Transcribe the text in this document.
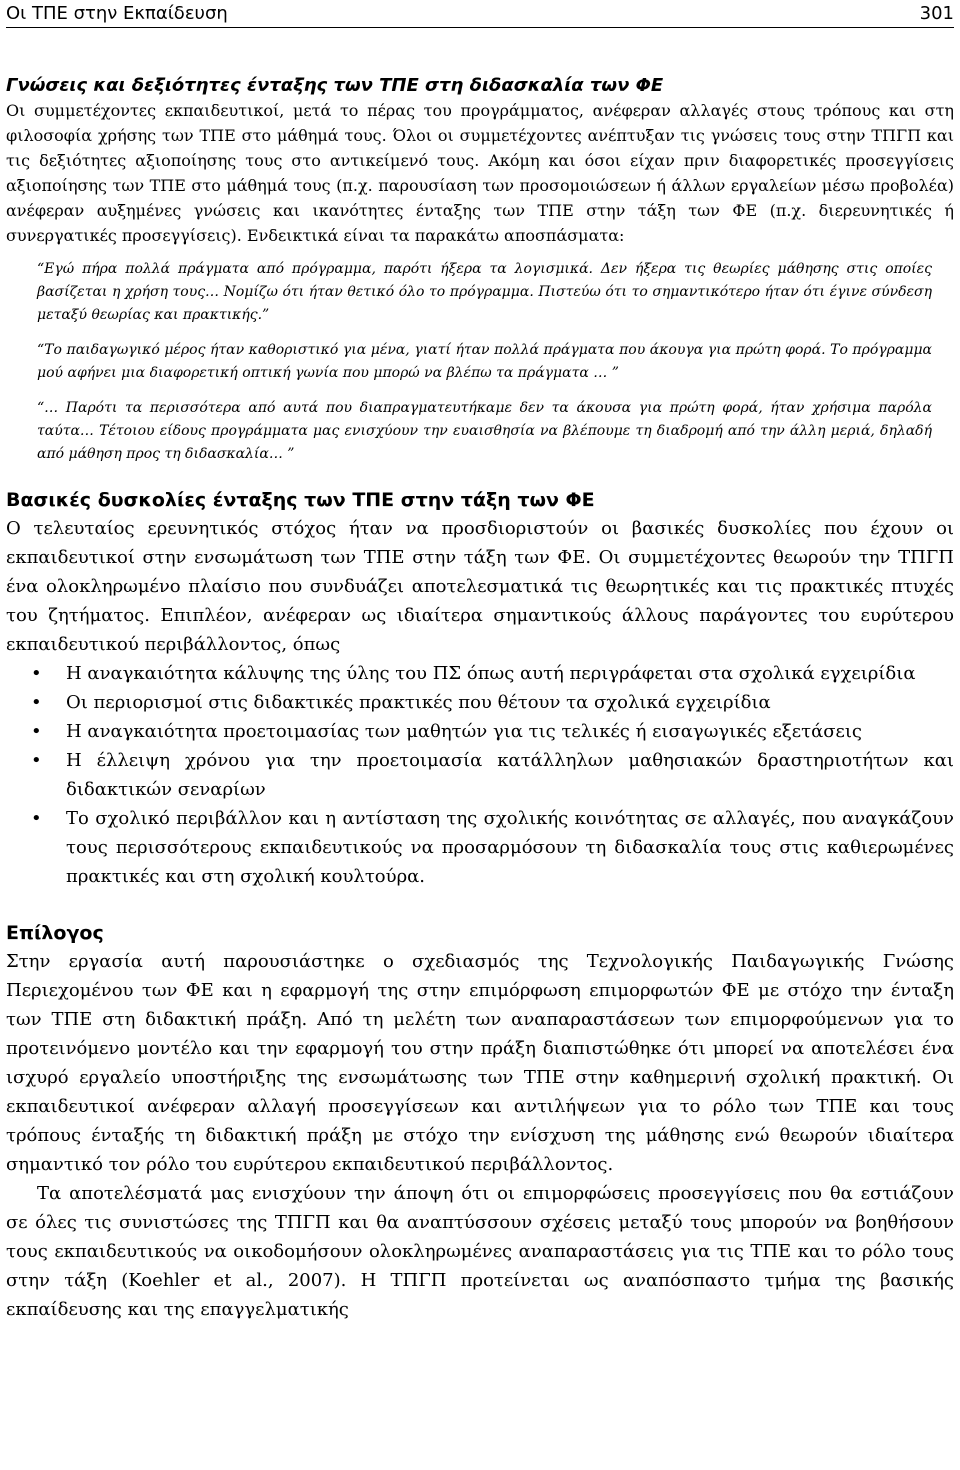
Οι ΤΠΕ στην Εκπαίδευση	301
Γνώσεις και δεξιότητες ένταξης των ΤΠΕ στη διδασκαλία των ΦΕ

Οι συμμετέχοντες εκπαιδευτικοί, μετά το πέρας του προγράμματος, ανέφεραν αλλαγές στους τρόπους και στη φιλοσοφία χρήσης των ΤΠΕ στο μάθημά τους. Όλοι οι συμμετέχοντες ανέπτυξαν τις γνώσεις τους στην ΤΠΓΠ και τις δεξιότητες αξιοποίησης τους στο αντικείμενό τους. Ακόμη και όσοι είχαν πριν διαφορετικές προσεγγίσεις αξιοποίησης των ΤΠΕ στο μάθημά τους (π.χ. παρουσίαση των προσομοιώσεων ή άλλων εργαλείων μέσω προβολέα) ανέφεραν αυξημένες γνώσεις και ικανότητες ένταξης των ΤΠΕ στην τάξη των ΦΕ (π.χ. διερευνητικές ή συνεργατικές προσεγγίσεις). Ενδεικτικά είναι τα παρακάτω αποσπάσματα:

“Εγώ πήρα πολλά πράγματα από πρόγραμμα, παρότι ήξερα τα λογισμικά. Δεν ήξερα τις θεωρίες μάθησης στις οποίες βασίζεται η χρήση τους… Νομίζω ότι ήταν θετικό όλο το πρόγραμμα. Πιστεύω ότι το σημαντικότερο ήταν ότι έγινε σύνδεση μεταξύ θεωρίας και πρακτικής.”

“Το παιδαγωγικό μέρος ήταν καθοριστικό για μένα, γιατί ήταν πολλά πράγματα που άκουγα για πρώτη φορά. Το πρόγραμμα μού αφήνει μια διαφορετική οπτική γωνία που μπορώ να βλέπω τα πράγματα … ”

“… Παρότι τα περισσότερα από αυτά που διαπραγματευτήκαμε δεν τα άκουσα για πρώτη φορά, ήταν χρήσιμα παρόλα ταύτα… Τέτοιου είδους προγράμματα μας ενισχύουν την ευαισθησία να βλέπουμε τη διαδρομή από την άλλη μεριά, δηλαδή από μάθηση προς τη διδασκαλία… ”

Βασικές δυσκολίες ένταξης των ΤΠΕ στην τάξη των ΦΕ

Ο τελευταίος ερευνητικός στόχος ήταν να προσδιοριστούν οι βασικές δυσκολίες που έχουν οι εκπαιδευτικοί στην ενσωμάτωση των ΤΠΕ στην τάξη των ΦΕ. Οι συμμετέχοντες θεωρούν την ΤΠΓΠ ένα ολοκληρωμένο πλαίσιο που συνδυάζει αποτελεσματικά τις θεωρητικές και τις πρακτικές πτυχές του ζητήματος. Επιπλέον, ανέφεραν ως ιδιαίτερα σημαντικούς άλλους παράγοντες του ευρύτερου εκπαιδευτικού περιβάλλοντος, όπως

• Η αναγκαιότητα κάλυψης της ύλης του ΠΣ όπως αυτή περιγράφεται στα σχολικά εγχειρίδια
• Οι περιορισμοί στις διδακτικές πρακτικές που θέτουν τα σχολικά εγχειρίδια
• Η αναγκαιότητα προετοιμασίας των μαθητών για τις τελικές ή εισαγωγικές εξετάσεις
• Η έλλειψη χρόνου για την προετοιμασία κατάλληλων μαθησιακών δραστηριοτήτων και διδακτικών σεναρίων
• Το σχολικό περιβάλλον και η αντίσταση της σχολικής κοινότητας σε αλλαγές, που αναγκάζουν τους περισσότερους εκπαιδευτικούς να προσαρμόσουν τη διδασκαλία τους στις καθιερωμένες πρακτικές και στη σχολική κουλτούρα.
Επίλογος

Στην εργασία αυτή παρουσιάστηκε ο σχεδιασμός της Τεχνολογικής Παιδαγωγικής Γνώσης Περιεχομένου των ΦΕ και η εφαρμογή της στην επιμόρφωση επιμορφωτών ΦΕ με στόχο την ένταξη των ΤΠΕ στη διδακτική πράξη. Από τη μελέτη των αναπαραστάσεων των επιμορφούμενων για το προτεινόμενο μοντέλο και την εφαρμογή του στην πράξη διαπιστώθηκε ότι μπορεί να αποτελέσει ένα ισχυρό εργαλείο υποστήριξης της ενσωμάτωσης των ΤΠΕ στην καθημερινή σχολική πρακτική. Οι εκπαιδευτικοί ανέφεραν αλλαγή προσεγγίσεων και αντιλήψεων για το ρόλο των ΤΠΕ και τους τρόπους ένταξής τη διδακτική πράξη με στόχο την ενίσχυση της μάθησης ενώ θεωρούν ιδιαίτερα σημαντικό τον ρόλο του ευρύτερου εκπαιδευτικού περιβάλλοντος.

Τα αποτελέσματά μας ενισχύουν την άποψη ότι οι επιμορφώσεις προσεγγίσεις που θα εστιάζουν σε όλες τις συνιστώσες της ΤΠΓΠ και θα αναπτύσσουν σχέσεις μεταξύ τους μπορούν να βοηθήσουν τους εκπαιδευτικούς να οικοδομήσουν ολοκληρωμένες αναπαραστάσεις για τις ΤΠΕ και το ρόλο τους στην τάξη (Koehler et al., 2007). Η ΤΠΓΠ προτείνεται ως αναπόσπαστο τμήμα της βασικής εκπαίδευσης και της επαγγελματικής
